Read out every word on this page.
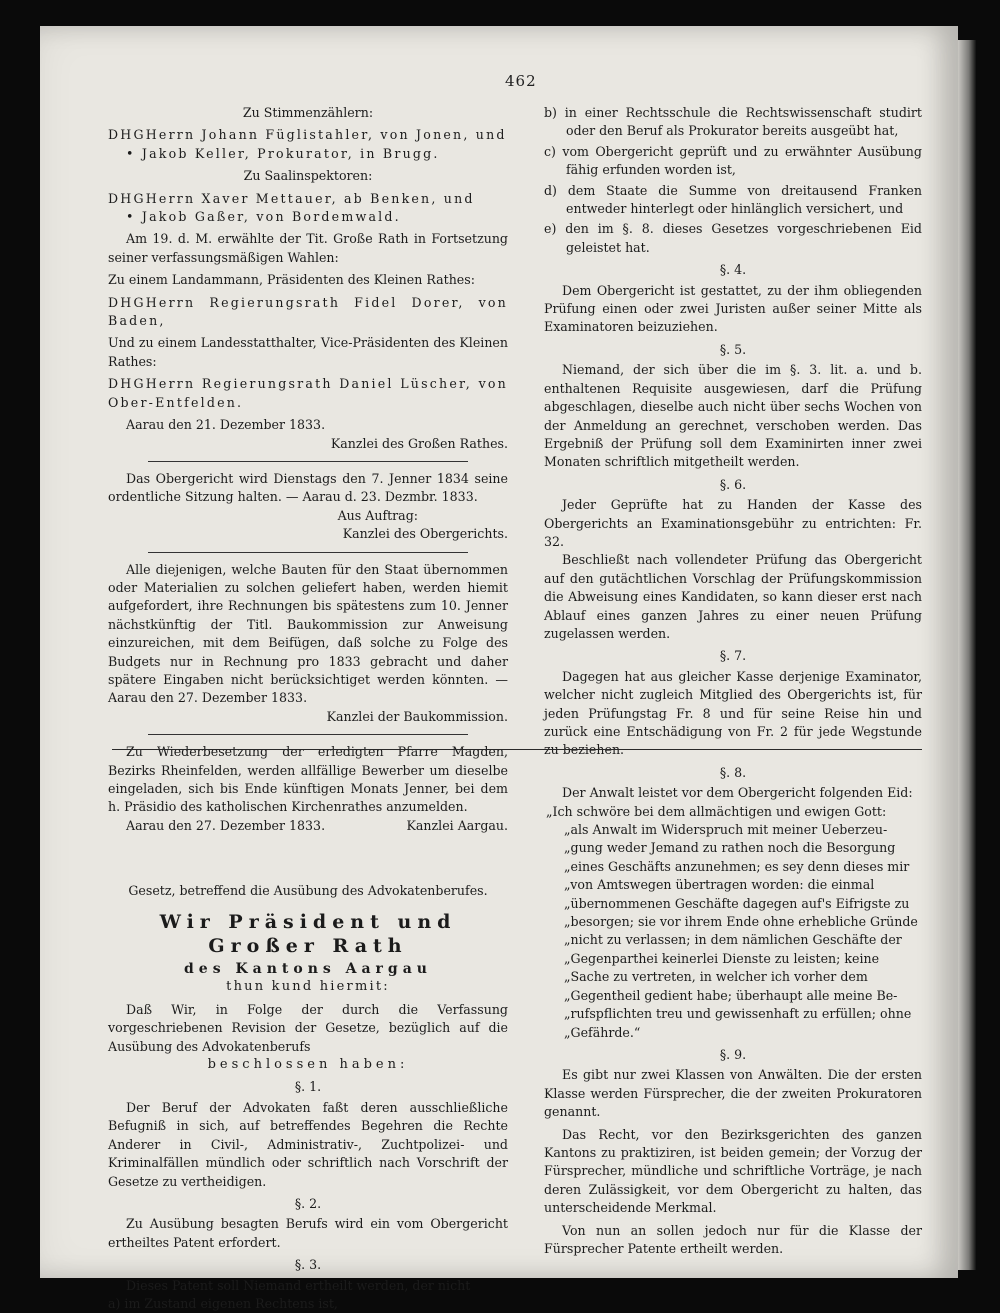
462

Zu Stimmenzählern:

DHGHerrn Johann Füglistahler, von Jonen, und

• Jakob Keller, Prokurator, in Brugg.

Zu Saalinspektoren:

DHGHerrn Xaver Mettauer, ab Benken, und

• Jakob Gaßer, von Bordemwald.

Am 19. d. M. erwählte der Tit. Große Rath in Fortsetzung seiner verfassungsmäßigen Wahlen:

Zu einem Landammann, Präsidenten des Kleinen Rathes:

DHGHerrn Regierungsrath Fidel Dorer, von Baden,

Und zu einem Landesstatthalter, Vice-Präsidenten des Kleinen Rathes:

DHGHerrn Regierungsrath Daniel Lüscher, von Ober-Entfelden.

Aarau den 21. Dezember 1833.

Kanzlei des Großen Rathes.

Das Obergericht wird Dienstags den 7. Jenner 1834 seine ordentliche Sitzung halten. — Aarau d. 23. Dezmbr. 1833.

Aus Auftrag:

Kanzlei des Obergerichts.

Alle diejenigen, welche Bauten für den Staat übernommen oder Materialien zu solchen geliefert haben, werden hiemit aufgefordert, ihre Rechnungen bis spätestens zum 10. Jenner nächstkünftig der Titl. Baukommission zur Anweisung einzureichen, mit dem Beifügen, daß solche zu Folge des Budgets nur in Rechnung pro 1833 gebracht und daher spätere Eingaben nicht berücksichtiget werden könnten. — Aarau den 27. Dezember 1833.

Kanzlei der Baukommission.

Zu Wiederbesetzung der erledigten Pfarre Magden, Bezirks Rheinfelden, werden allfällige Bewerber um dieselbe eingeladen, sich bis Ende künftigen Monats Jenner, bei dem h. Präsidio des katholischen Kirchenrathes anzumelden.

Aarau den 27. Dezember 1833.	Kanzlei Aargau.

Gesetz, betreffend die Ausübung des Advokatenberufes.

Wir Präsident und Großer Rath

des Kantons Aargau

thun kund hiermit:

Daß Wir, in Folge der durch die Verfassung vorgeschriebenen Revision der Gesetze, bezüglich auf die Ausübung des Advokatenberufs

beschlossen haben:

§. 1.

Der Beruf der Advokaten faßt deren ausschließliche Befugniß in sich, auf betreffendes Begehren die Rechte Anderer in Civil-, Administrativ-, Zuchtpolizei- und Kriminalfällen mündlich oder schriftlich nach Vorschrift der Gesetze zu vertheidigen.

§. 2.

Zu Ausübung besagten Berufs wird ein vom Obergericht ertheiltes Patent erfordert.

§. 3.

Dieses Patent soll Niemand ertheilt werden, der nicht

a) im Zustand eigenen Rechtens ist,

b) in einer Rechtsschule die Rechtswissenschaft studirt oder den Beruf als Prokurator bereits ausgeübt hat,

c) vom Obergericht geprüft und zu erwähnter Ausübung fähig erfunden worden ist,

d) dem Staate die Summe von dreitausend Franken entweder hinterlegt oder hinlänglich versichert, und

e) den im §. 8. dieses Gesetzes vorgeschriebenen Eid geleistet hat.

§. 4.

Dem Obergericht ist gestattet, zu der ihm obliegenden Prüfung einen oder zwei Juristen außer seiner Mitte als Examinatoren beizuziehen.

§. 5.

Niemand, der sich über die im §. 3. lit. a. und b. enthaltenen Requisite ausgewiesen, darf die Prüfung abgeschlagen, dieselbe auch nicht über sechs Wochen von der Anmeldung an gerechnet, verschoben werden. Das Ergebniß der Prüfung soll dem Examinirten inner zwei Monaten schriftlich mitgetheilt werden.

§. 6.

Jeder Geprüfte hat zu Handen der Kasse des Obergerichts an Examinationsgebühr zu entrichten: Fr. 32.

Beschließt nach vollendeter Prüfung das Obergericht auf den gutächtlichen Vorschlag der Prüfungskommission die Abweisung eines Kandidaten, so kann dieser erst nach Ablauf eines ganzen Jahres zu einer neuen Prüfung zugelassen werden.

§. 7.

Dagegen hat aus gleicher Kasse derjenige Examinator, welcher nicht zugleich Mitglied des Obergerichts ist, für jeden Prüfungstag Fr. 8 und für seine Reise hin und zurück eine Entschädigung von Fr. 2 für jede Wegstunde zu beziehen.

§. 8.

Der Anwalt leistet vor dem Obergericht folgenden Eid:

„Ich schwöre bei dem allmächtigen und ewigen Gott:

„als Anwalt im Widerspruch mit meiner Ueberzeu-

„gung weder Jemand zu rathen noch die Besorgung

„eines Geschäfts anzunehmen; es sey denn dieses mir

„von Amtswegen übertragen worden: die einmal

„übernommenen Geschäfte dagegen auf's Eifrigste zu

„besorgen; sie vor ihrem Ende ohne erhebliche Gründe

„nicht zu verlassen; in dem nämlichen Geschäfte der

„Gegenparthei keinerlei Dienste zu leisten; keine

„Sache zu vertreten, in welcher ich vorher dem

„Gegentheil gedient habe; überhaupt alle meine Be-

„rufspflichten treu und gewissenhaft zu erfüllen; ohne

„Gefährde.“

§. 9.

Es gibt nur zwei Klassen von Anwälten. Die der ersten Klasse werden Fürsprecher, die der zweiten Prokuratoren genannt.

Das Recht, vor den Bezirksgerichten des ganzen Kantons zu praktiziren, ist beiden gemein; der Vorzug der Fürsprecher, mündliche und schriftliche Vorträge, je nach deren Zulässigkeit, vor dem Obergericht zu halten, das unterscheidende Merkmal.

Von nun an sollen jedoch nur für die Klasse der Fürsprecher Patente ertheilt werden.
